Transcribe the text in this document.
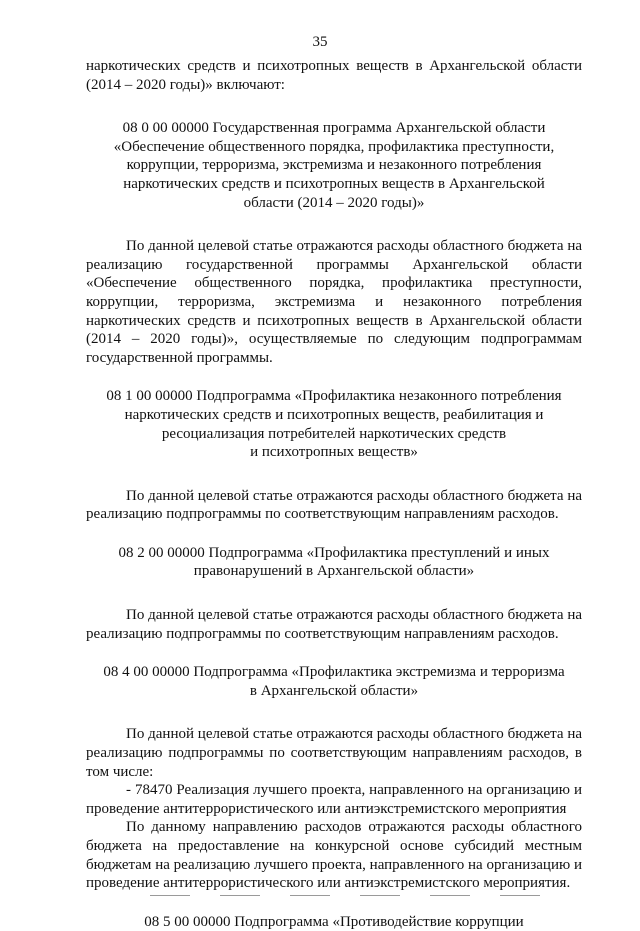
35

наркотических средств и психотропных веществ в Архангельской области (2014 – 2020 годы)» включают:

08 0 00 00000 Государственная программа Архангельской области
«Обеспечение общественного порядка, профилактика преступности,
коррупции, терроризма, экстремизма и незаконного потребления
наркотических средств и психотропных веществ в Архангельской
области (2014 – 2020 годы)»

По данной целевой статье отражаются расходы областного бюджета на реализацию государственной программы Архангельской области «Обеспечение общественного порядка, профилактика преступности, коррупции, терроризма, экстремизма и незаконного потребления наркотических средств и психотропных веществ в Архангельской области (2014 – 2020 годы)», осуществляемые по следующим подпрограммам государственной программы.

08 1 00 00000 Подпрограмма «Профилактика незаконного потребления
наркотических средств и психотропных веществ, реабилитация и
ресоциализация потребителей наркотических средств
и психотропных веществ»

По данной целевой статье отражаются расходы областного бюджета на реализацию подпрограммы по соответствующим направлениям расходов.

08 2 00 00000 Подпрограмма «Профилактика преступлений и иных
правонарушений в Архангельской области»

По данной целевой статье отражаются расходы областного бюджета на реализацию подпрограммы по соответствующим направлениям расходов.

08 4 00 00000 Подпрограмма «Профилактика экстремизма и терроризма
в Архангельской области»

По данной целевой статье отражаются расходы областного бюджета на реализацию подпрограммы по соответствующим направлениям расходов, в том числе:

- 78470 Реализация лучшего проекта, направленного на организацию и проведение антитеррористического или антиэкстремистского мероприятия

По данному направлению расходов отражаются расходы областного бюджета на предоставление на конкурсной основе субсидий местным бюджетам на реализацию лучшего проекта, направленного на организацию и проведение антитеррористического или антиэкстремистского мероприятия.

08 5 00 00000 Подпрограмма «Противодействие коррупции
